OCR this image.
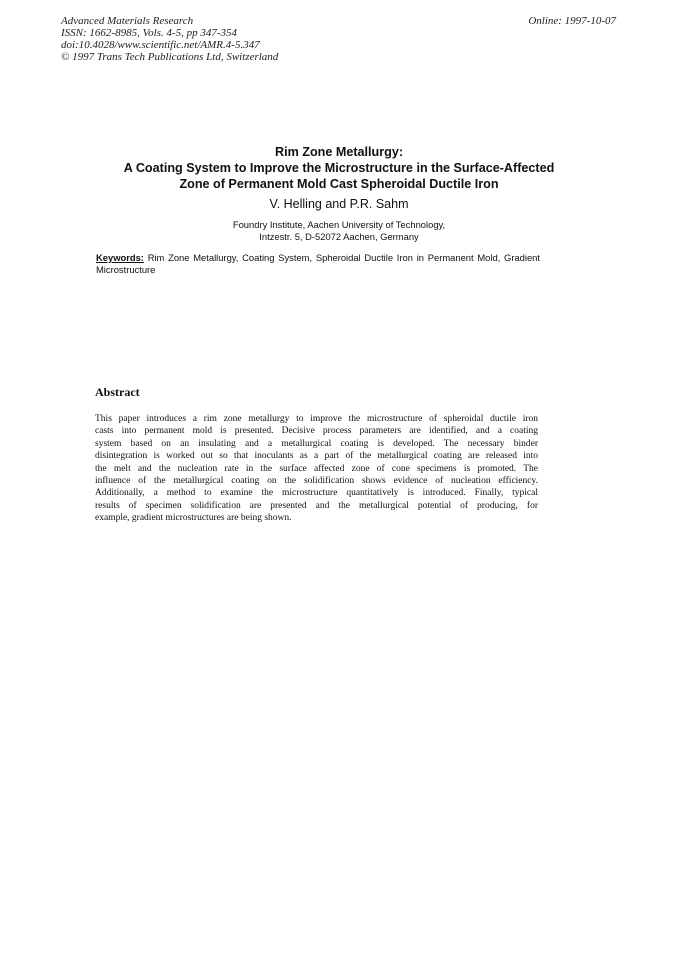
Advanced Materials Research
ISSN: 1662-8985, Vols. 4-5, pp 347-354
doi:10.4028/www.scientific.net/AMR.4-5.347
© 1997 Trans Tech Publications Ltd, Switzerland
Online: 1997-10-07
Rim Zone Metallurgy:
A Coating System to Improve the Microstructure in the Surface-Affected
Zone of Permanent Mold Cast Spheroidal Ductile Iron
V. Helling and P.R. Sahm
Foundry Institute, Aachen University of Technology,
Intzestr. 5, D-52072 Aachen, Germany
Keywords: Rim Zone Metallurgy, Coating System, Spheroidal Ductile Iron in Permanent Mold, Gradient Microstructure
Abstract
This paper introduces a rim zone metallurgy to improve the microstructure of spheroidal ductile iron
casts into permanent mold is presented. Decisive process parameters are identified, and a coating
system based on an insulating and a metallurgical coating is developed. The necessary binder
disintegration is worked out so that inoculants as a part of the metallurgical coating are released into
the melt and the nucleation rate in the surface affected zone of cone specimens is promoted. The
influence of the metallurgical coating on the solidification shows evidence of nucleation efficiency.
Additionally, a method to examine the microstructure quantitatively is introduced. Finally, typical
results of specimen solidification are presented and the metallurgical potential of producing, for
example, gradient microstructures are being shown.
